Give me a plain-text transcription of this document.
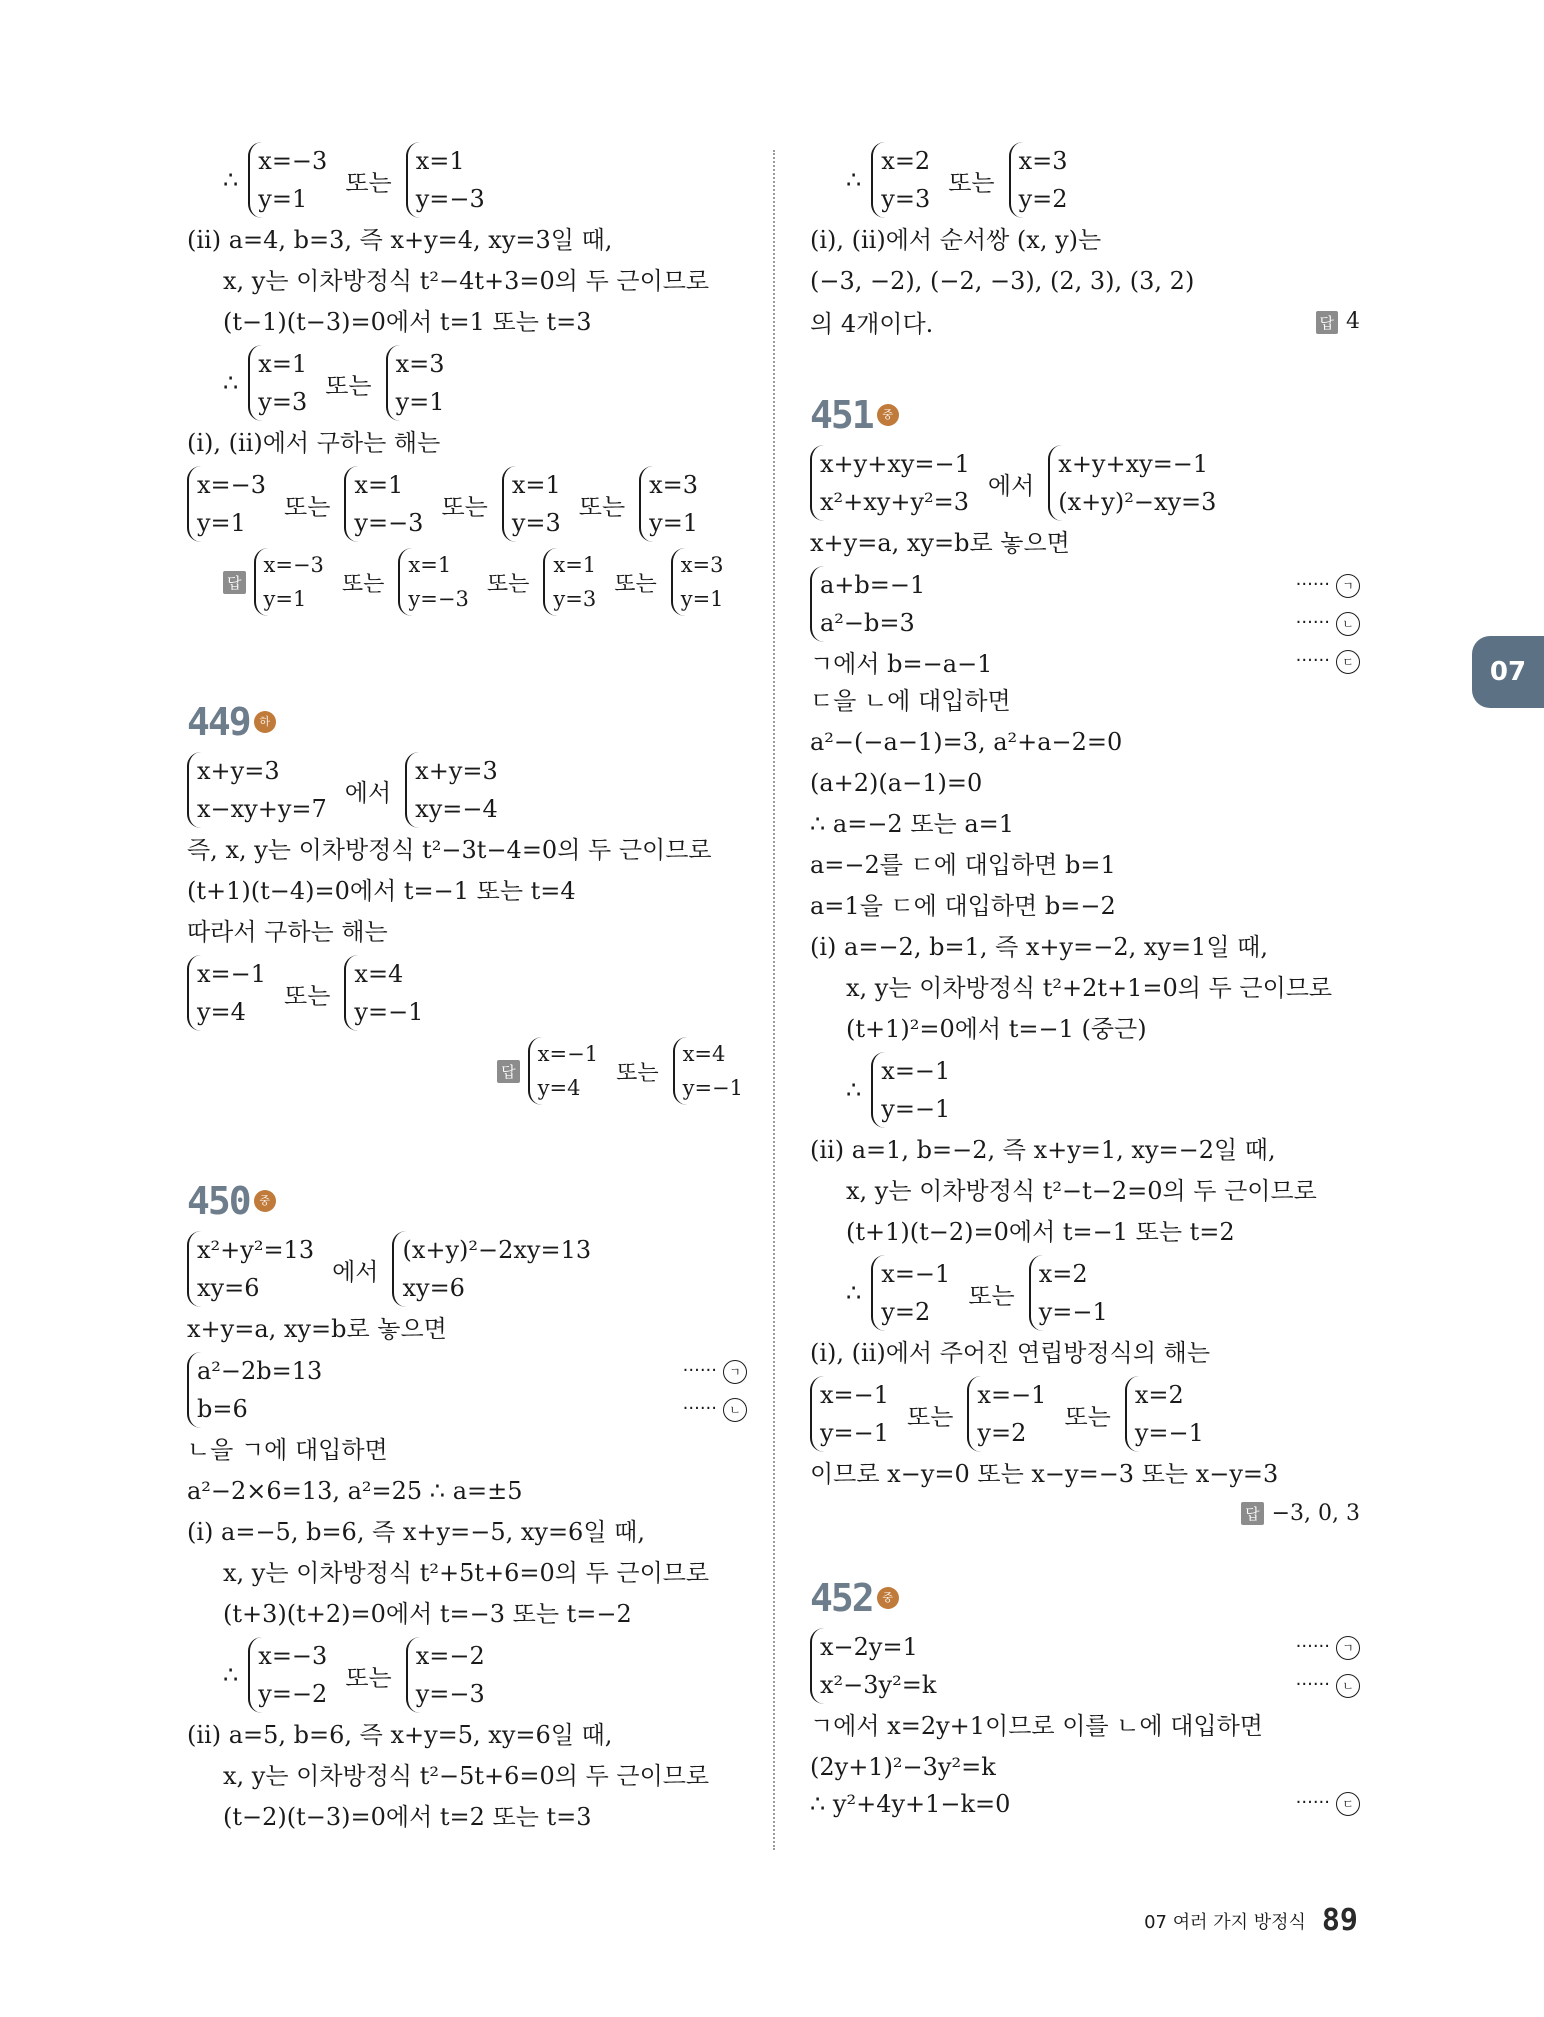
∴
x=−3
y=1
또는
x=1
y=−3
(ⅱ) a=4, b=3, 즉 x+y=4, xy=3일 때,
x, y는 이차방정식 t²−4t+3=0의 두 근이므로
(t−1)(t−3)=0에서 t=1 또는 t=3
∴
x=1
y=3
또는
x=3
y=1
(ⅰ), (ⅱ)에서 구하는 해는
x=−3
y=1
또는
x=1
y=−3
또는
x=1
y=3
또는
x=3
y=1
답
x=−3
y=1
또는
x=1
y=−3
또는
x=1
y=3
또는
x=3
y=1
449 하
x+y=3
x−xy+y=7
에서
x+y=3
xy=−4
즉, x, y는 이차방정식 t²−3t−4=0의 두 근이므로
(t+1)(t−4)=0에서 t=−1 또는 t=4
따라서 구하는 해는
x=−1
y=4
또는
x=4
y=−1
답
x=−1
y=4
또는
x=4
y=−1
450 중
x²+y²=13
xy=6
에서
(x+y)²−2xy=13
xy=6
x+y=a, xy=b로 놓으면
a²−2b=13
b=6
······ ㄱ
······ ㄴ
ㄴ을 ㄱ에 대입하면
a²−2×6=13, a²=25 ∴ a=±5
(ⅰ) a=−5, b=6, 즉 x+y=−5, xy=6일 때,
x, y는 이차방정식 t²+5t+6=0의 두 근이므로
(t+3)(t+2)=0에서 t=−3 또는 t=−2
∴
x=−3
y=−2
또는
x=−2
y=−3
(ⅱ) a=5, b=6, 즉 x+y=5, xy=6일 때,
x, y는 이차방정식 t²−5t+6=0의 두 근이므로
(t−2)(t−3)=0에서 t=2 또는 t=3
∴
x=2
y=3
또는
x=3
y=2
(ⅰ), (ⅱ)에서 순서쌍 (x, y)는
(−3, −2), (−2, −3), (2, 3), (3, 2)
의 4개이다.	답 4
451 중
x+y+xy=−1
x²+xy+y²=3
에서
x+y+xy=−1
(x+y)²−xy=3
x+y=a, xy=b로 놓으면
a+b=−1
a²−b=3
······ ㄱ
······ ㄴ
ㄱ에서 b=−a−1	······ ㄷ
ㄷ을 ㄴ에 대입하면
a²−(−a−1)=3, a²+a−2=0
(a+2)(a−1)=0
∴ a=−2 또는 a=1
a=−2를 ㄷ에 대입하면 b=1
a=1을 ㄷ에 대입하면 b=−2
(ⅰ) a=−2, b=1, 즉 x+y=−2, xy=1일 때,
x, y는 이차방정식 t²+2t+1=0의 두 근이므로
(t+1)²=0에서 t=−1 (중근)
∴
x=−1
y=−1
(ⅱ) a=1, b=−2, 즉 x+y=1, xy=−2일 때,
x, y는 이차방정식 t²−t−2=0의 두 근이므로
(t+1)(t−2)=0에서 t=−1 또는 t=2
∴
x=−1
y=2
또는
x=2
y=−1
(ⅰ), (ⅱ)에서 주어진 연립방정식의 해는
x=−1
y=−1
또는
x=−1
y=2
또는
x=2
y=−1
이므로 x−y=0 또는 x−y=−3 또는 x−y=3
답 −3, 0, 3
452 중
x−2y=1
x²−3y²=k
······ ㄱ
······ ㄴ
ㄱ에서 x=2y+1이므로 이를 ㄴ에 대입하면
(2y+1)²−3y²=k
∴ y²+4y+1−k=0	······ ㄷ
07
07 여러 가지 방정식 89
